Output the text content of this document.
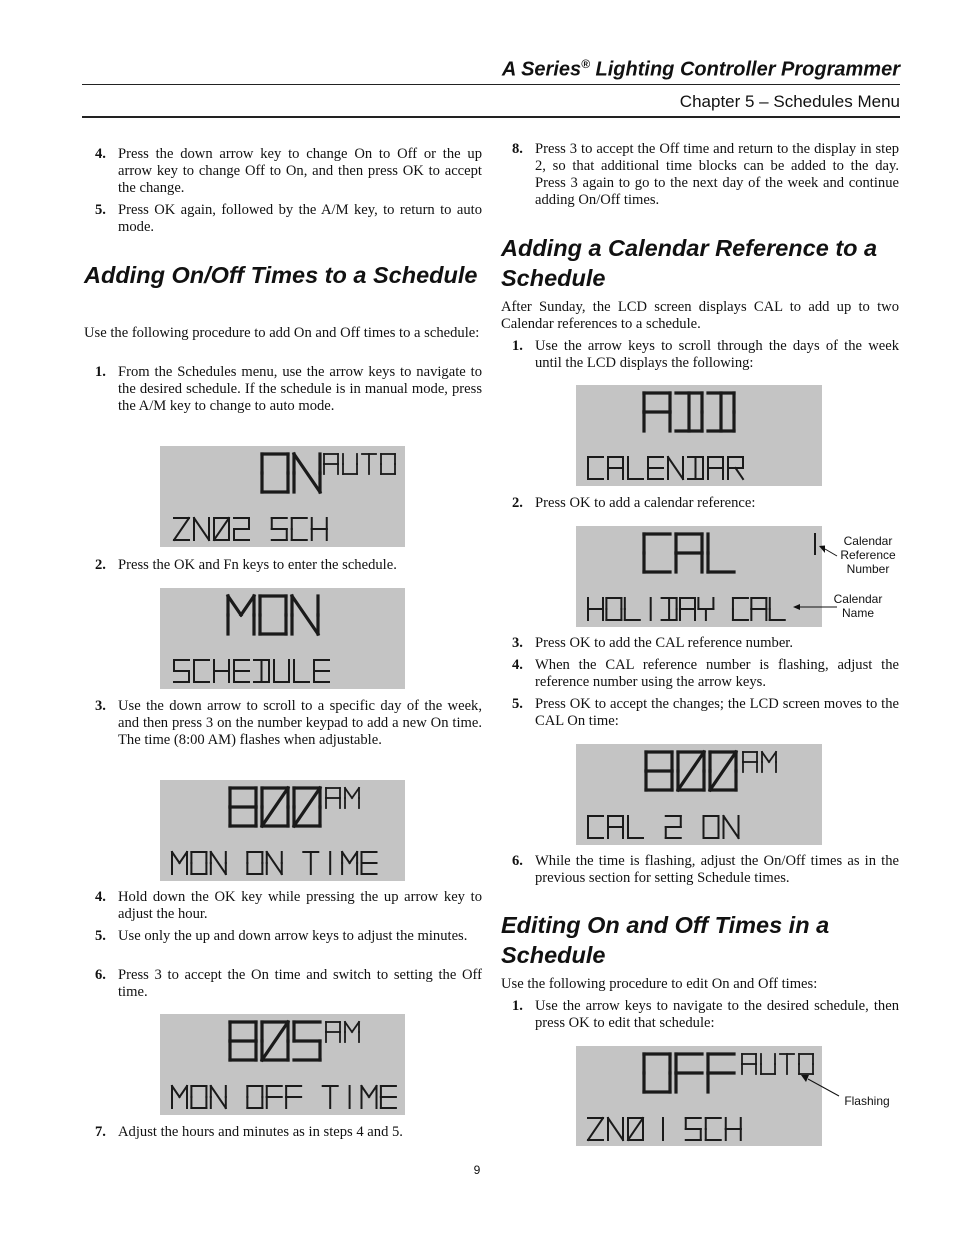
A Series® Lighting Controller Programmer
Chapter 5 – Schedules Menu
4. Press the down arrow key to change On to Off or the up arrow key to change Off to On, and then press OK to accept the change.
5. Press OK again, followed by the A/M key, to return to auto mode.
Adding On/Off Times to a Schedule
Use the following procedure to add On and Off times to a schedule:
1. From the Schedules menu, use the arrow keys to navigate to the desired schedule. If the schedule is in manual mode, press the A/M key to change to auto mode.
2. Press the OK and Fn keys to enter the schedule.
3. Use the down arrow to scroll to a specific day of the week, and then press 3 on the number keypad to add a new On time. The time (8:00 AM) flashes when adjustable.
4. Hold down the OK key while pressing the up arrow key to adjust the hour.
5. Use only the up and down arrow keys to adjust the minutes.
6. Press 3 to accept the On time and switch to setting the Off time.
7. Adjust the hours and minutes as in steps 4 and 5.
8. Press 3 to accept the Off time and return to the display in step 2, so that additional time blocks can be added to the day. Press 3 again to go to the next day of the week and continue adding On/Off times.
Adding a Calendar Reference to a Schedule
After Sunday, the LCD screen displays CAL to add up to two Calendar references to a schedule.
1. Use the arrow keys to scroll through the days of the week until the LCD displays the following:
2. Press OK to add a calendar reference:
Calendar
Reference
Number
Calendar
Name
3. Press OK to add the CAL reference number.
4. When the CAL reference number is flashing, adjust the reference number using the arrow keys.
5. Press OK to accept the changes; the LCD screen moves to the CAL On time:
6. While the time is flashing, adjust the On/Off times as in the previous section for setting Schedule times.
Editing On and Off Times in a Schedule
Use the following procedure to edit On and Off times:
1. Use the arrow keys to navigate to the desired schedule, then press OK to edit that schedule:
Flashing
9
